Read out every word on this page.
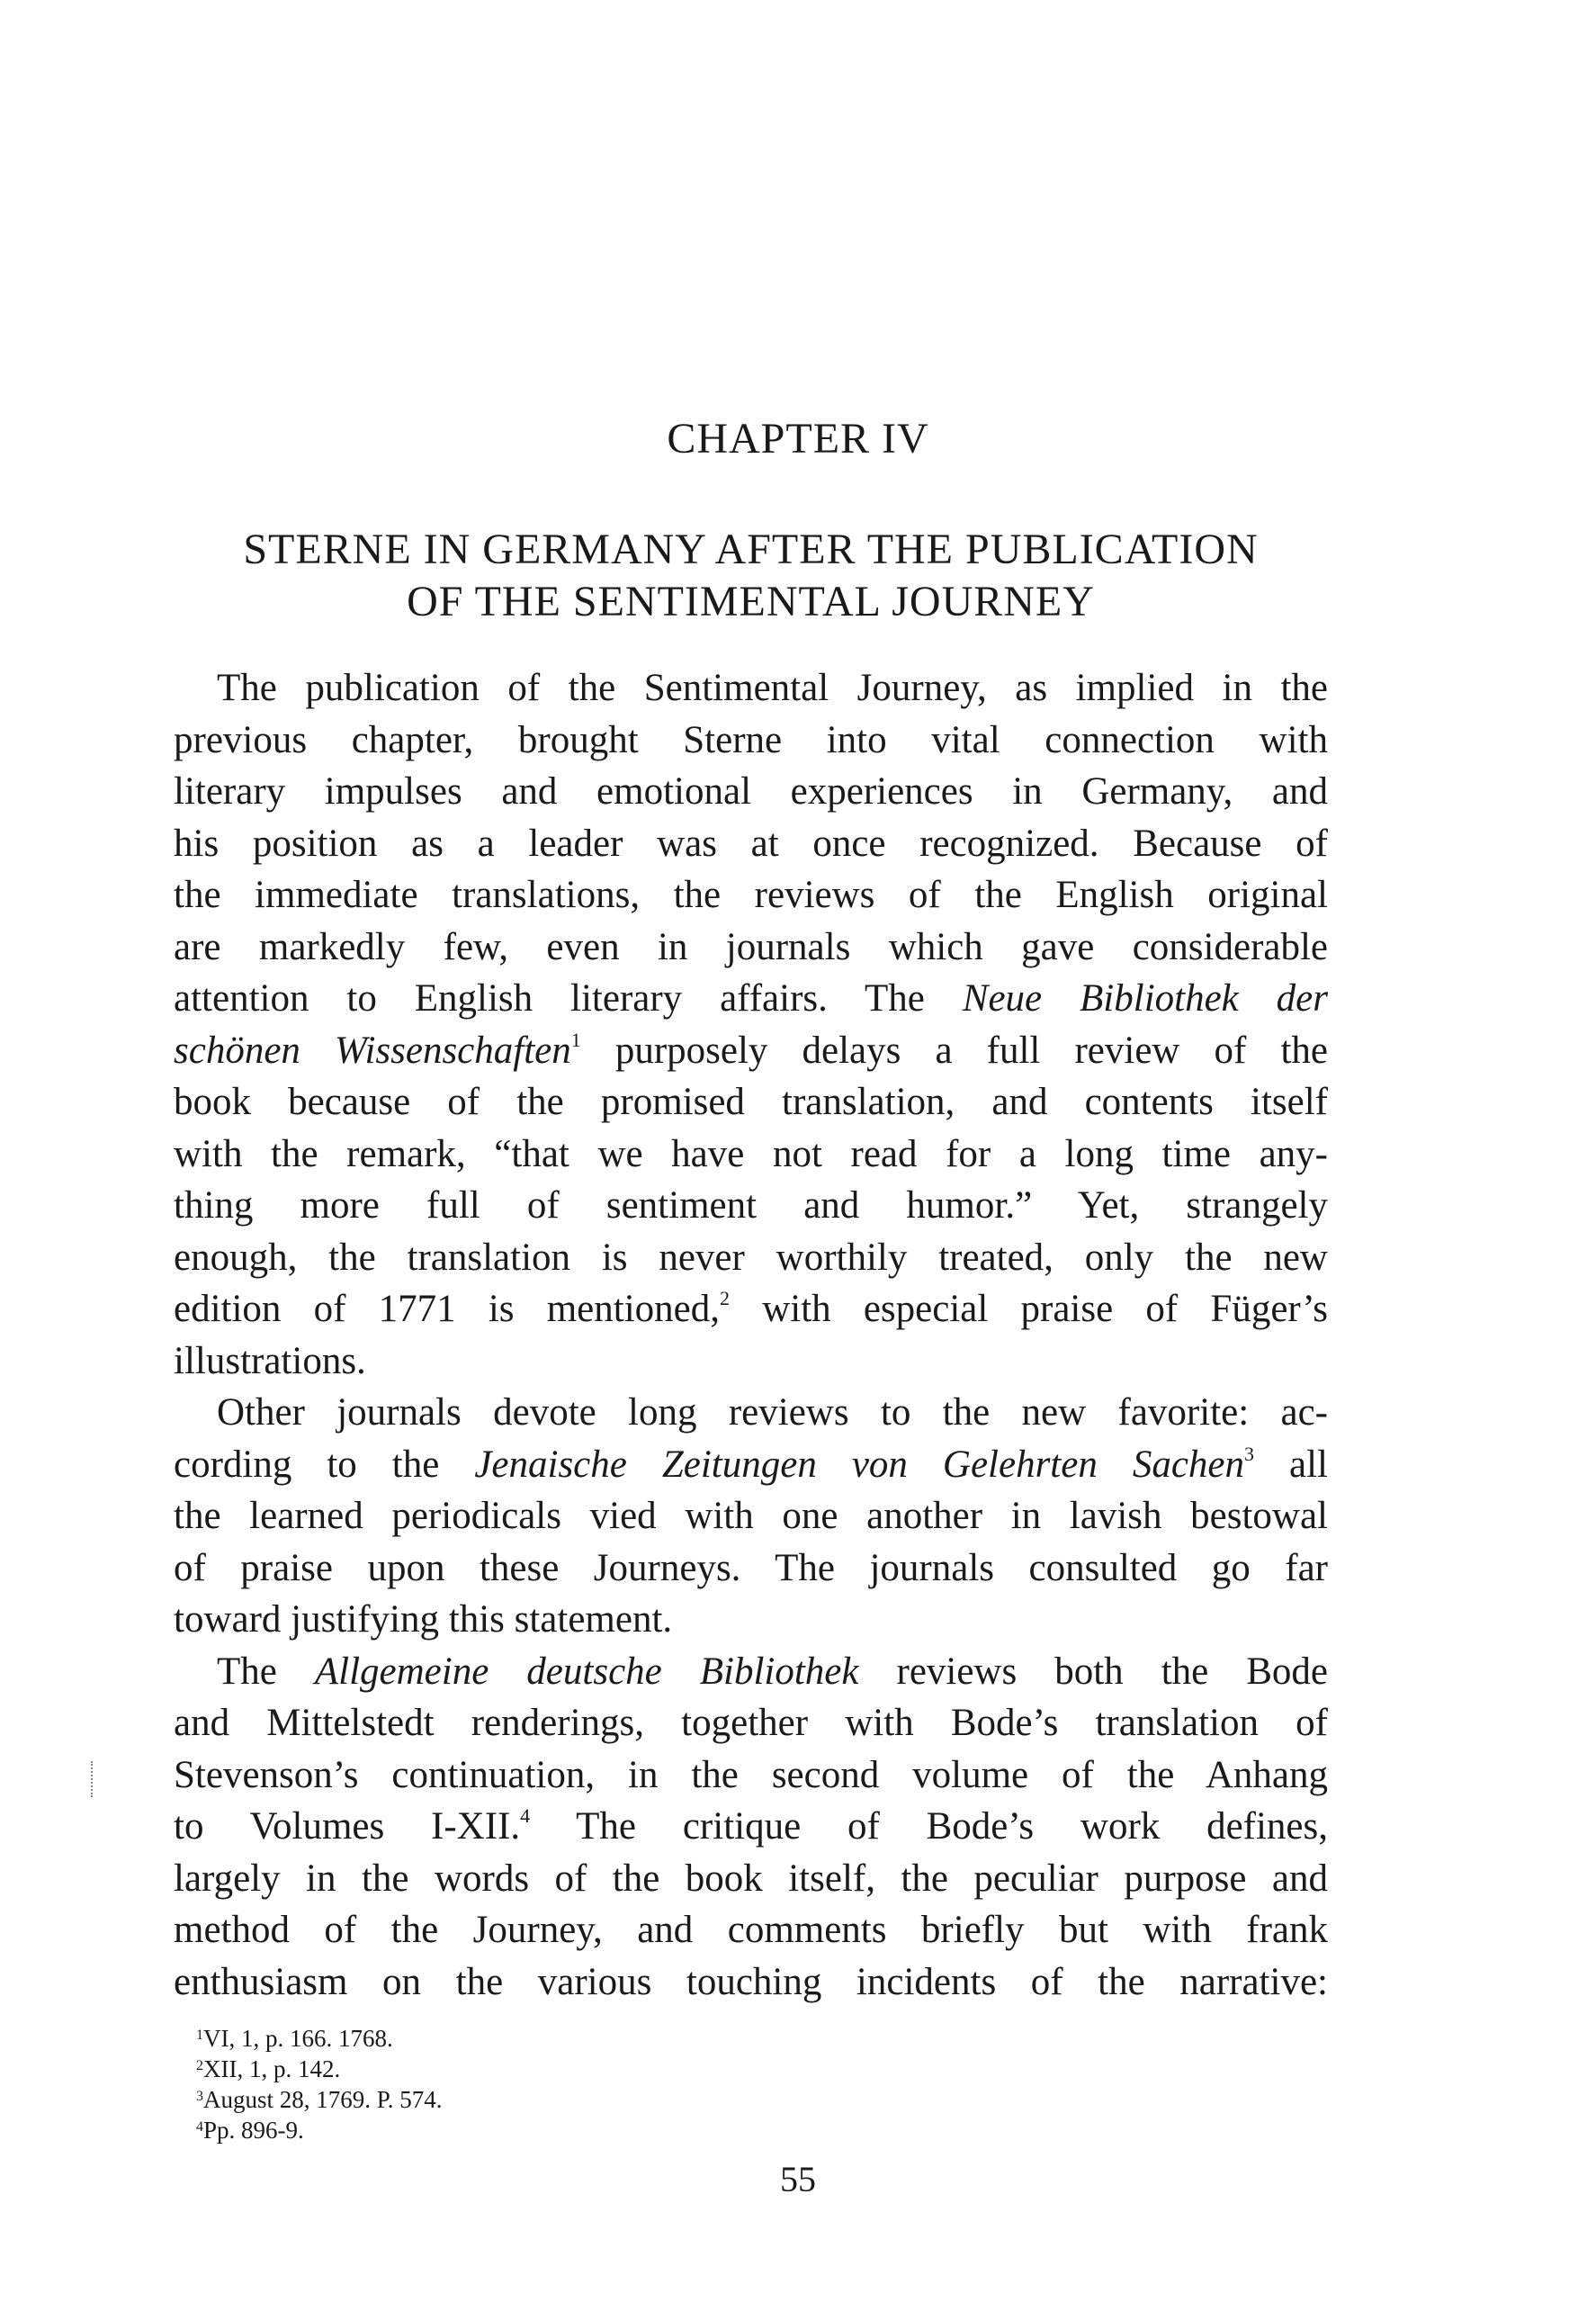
CHAPTER IV
STERNE IN GERMANY AFTER THE PUBLICATION
OF THE SENTIMENTAL JOURNEY
The publication of the Sentimental Journey, as implied in the
previous chapter, brought Sterne into vital connection with
literary impulses and emotional experiences in Germany, and
his position as a leader was at once recognized. Because of
the immediate translations, the reviews of the English original
are markedly few, even in journals which gave considerable
attention to English literary affairs. The Neue Bibliothek der
schönen Wissenschaften$^1$ purposely delays a full review of the
book because of the promised translation, and contents itself
with the remark, “that we have not read for a long time any-
thing more full of sentiment and humor.” Yet, strangely
enough, the translation is never worthily treated, only the new
edition of 1771 is mentioned,$^2$ with especial praise of Füger’s
illustrations.
Other journals devote long reviews to the new favorite: ac-
cording to the Jenaische Zeitungen von Gelehrten Sachen$^3$ all
the learned periodicals vied with one another in lavish bestowal
of praise upon these Journeys. The journals consulted go far
toward justifying this statement.
The Allgemeine deutsche Bibliothek reviews both the Bode
and Mittelstedt renderings, together with Bode’s translation of
Stevenson’s continuation, in the second volume of the Anhang
to Volumes I-XII.$^4$ The critique of Bode’s work defines,
largely in the words of the book itself, the peculiar purpose and
method of the Journey, and comments briefly but with frank
enthusiasm on the various touching incidents of the narrative:
$^1$VI, 1, p. 166. 1768.
$^2$XII, 1, p. 142.
$^3$August 28, 1769. P. 574.
$^4$Pp. 896-9.
55
